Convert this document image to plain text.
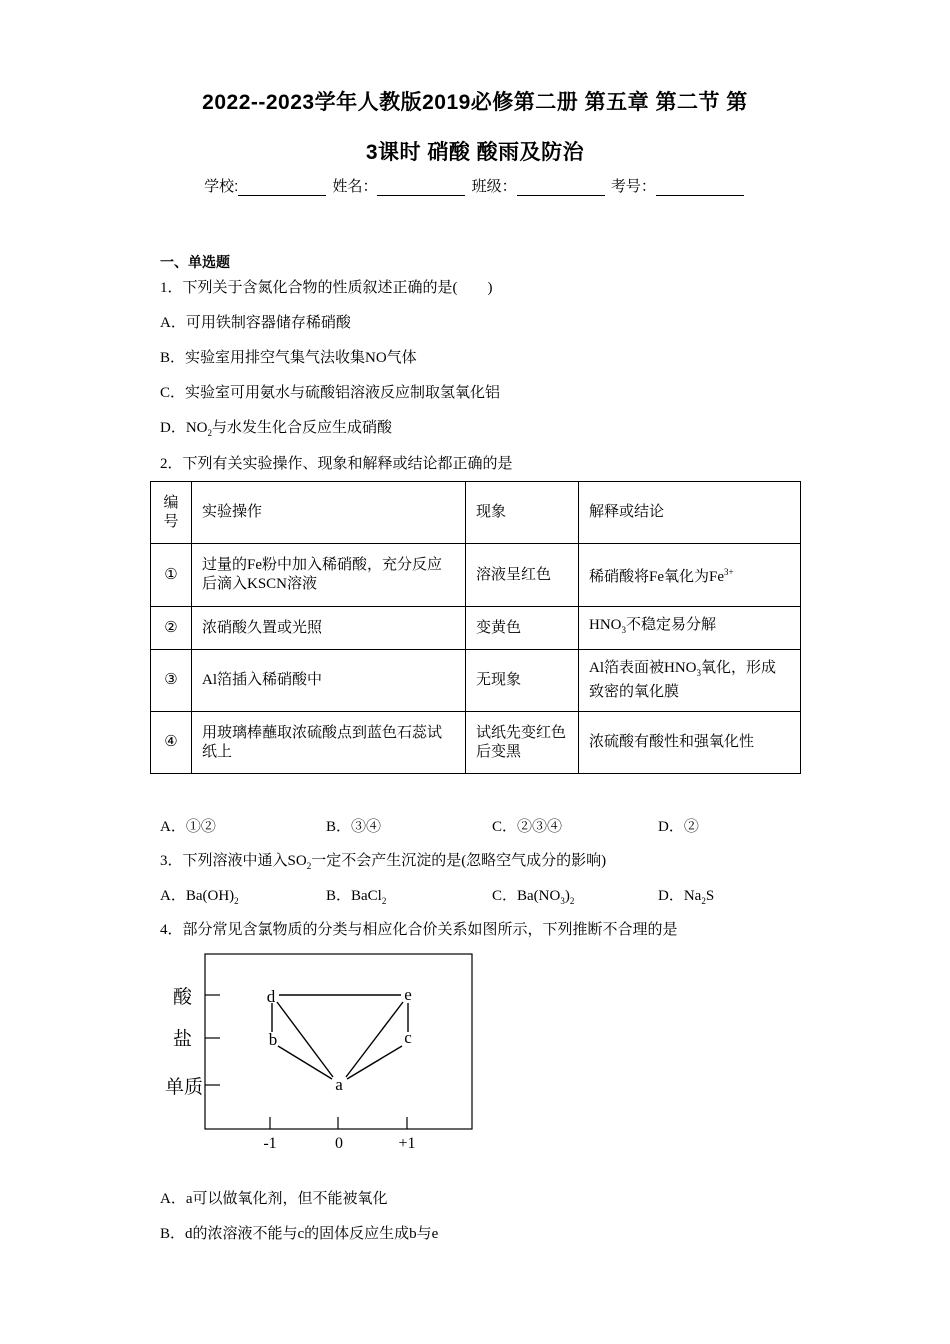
2022--2023学年人教版2019必修第二册 第五章 第二节 第
3课时 硝酸 酸雨及防治
学校:	姓名：	班级：	考号：
一、单选题
1．下列关于含氮化合物的性质叙述正确的是(　　)
A．可用铁制容器储存稀硝酸
B．实验室用排空气集气法收集NO气体
C．实验室可用氨水与硫酸铝溶液反应制取氢氧化铝
D．$NO_2$与水发生化合反应生成硝酸
2．下列有关实验操作、现象和解释或结论都正确的是
编号	实验操作	现象	解释或结论
①	过量的Fe粉中加入稀硝酸，充分反应后滴入KSCN溶液	溶液呈红色	稀硝酸将Fe氧化为$Fe^{3+}$
②	浓硝酸久置或光照	变黄色	$HNO_3$不稳定易分解
③	Al箔插入稀硝酸中	无现象	Al箔表面被$HNO_3$氧化，形成致密的氧化膜
④	用玻璃棒蘸取浓硫酸点到蓝色石蕊试纸上	试纸先变红色后变黑	浓硫酸有酸性和强氧化性
A．①②	B．③④	C．②③④	D．②
3．下列溶液中通入$SO_2$一定不会产生沉淀的是(忽略空气成分的影响)
A．$Ba(OH)_2$	B．BaCl$_2$	C．$Ba(NO_3)_2$	D．$Na_2S$
4．部分常见含氯物质的分类与相应化合价关系如图所示，下列推断不合理的是
酸
盐
单质
-1	0	+1
d	e
b	c
a
A．a可以做氧化剂，但不能被氧化
B．d的浓溶液不能与c的固体反应生成b与e
